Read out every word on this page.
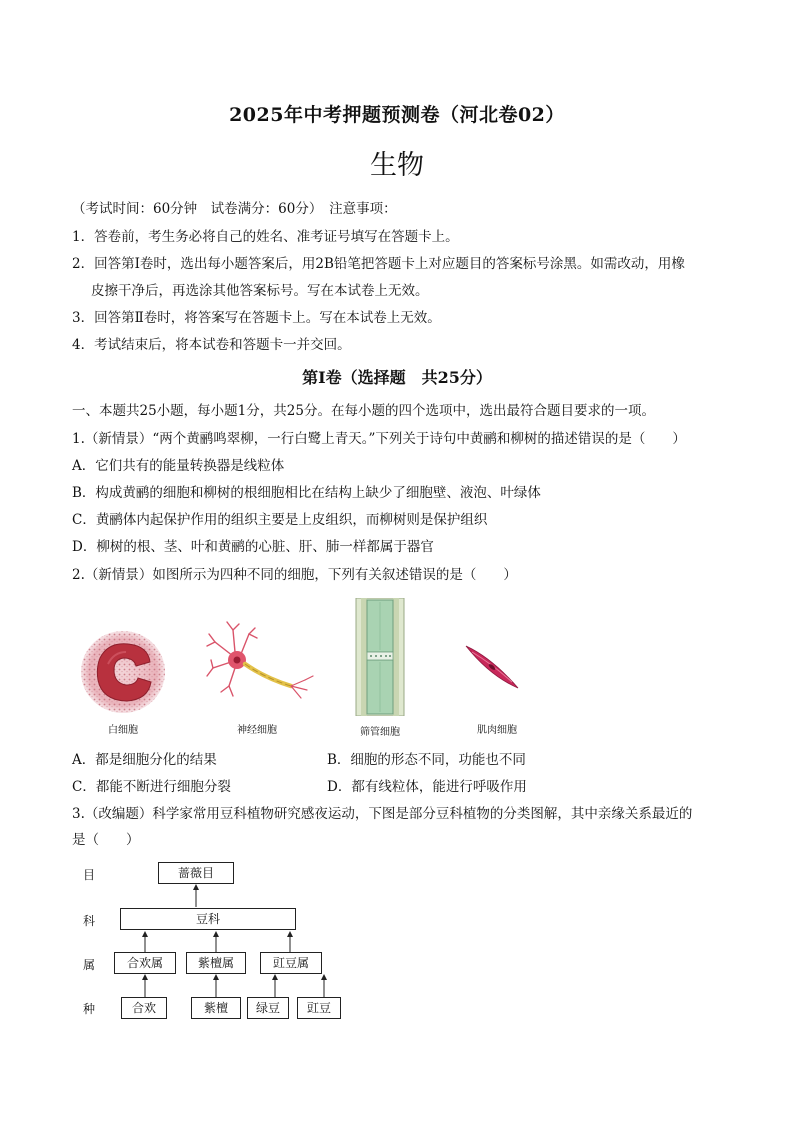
2025年中考押题预测卷（河北卷02）
生物
（考试时间：60分钟　试卷满分：60分）　注意事项：
1．答卷前，考生务必将自己的姓名、准考证号填写在答题卡上。
2．回答第Ⅰ卷时，选出每小题答案后，用2B铅笔把答题卡上对应题目的答案标号涂黑。如需改动，用橡
皮擦干净后，再选涂其他答案标号。写在本试卷上无效。
3．回答第Ⅱ卷时，将答案写在答题卡上。写在本试卷上无效。
4．考试结束后，将本试卷和答题卡一并交回。
第Ⅰ卷（选择题　共25分）
一、本题共25小题，每小题1分，共25分。在每小题的四个选项中，选出最符合题目要求的一项。
1.（新情景）“两个黄鹂鸣翠柳，一行白鹭上青天。”下列关于诗句中黄鹂和柳树的描述错误的是（　　）
A．它们共有的能量转换器是线粒体
B．构成黄鹂的细胞和柳树的根细胞相比在结构上缺少了细胞壁、液泡、叶绿体
C．黄鹂体内起保护作用的组织主要是上皮组织，而柳树则是保护组织
D．柳树的根、茎、叶和黄鹂的心脏、肝、肺一样都属于器官
2.（新情景）如图所示为四种不同的细胞，下列有关叙述错误的是（　　）
白细胞	神经细胞	筛管细胞	肌肉细胞
A．都是细胞分化的结果	B．细胞的形态不同，功能也不同
C．都能不断进行细胞分裂	D．都有线粒体，能进行呼吸作用
3.（改编题）科学家常用豆科植物研究感夜运动，下图是部分豆科植物的分类图解，其中亲缘关系最近的
是（　　）
目
科
属
种
蔷薇目
豆科
合欢属	紫檀属	豇豆属
合欢	紫檀	绿豆	豇豆
